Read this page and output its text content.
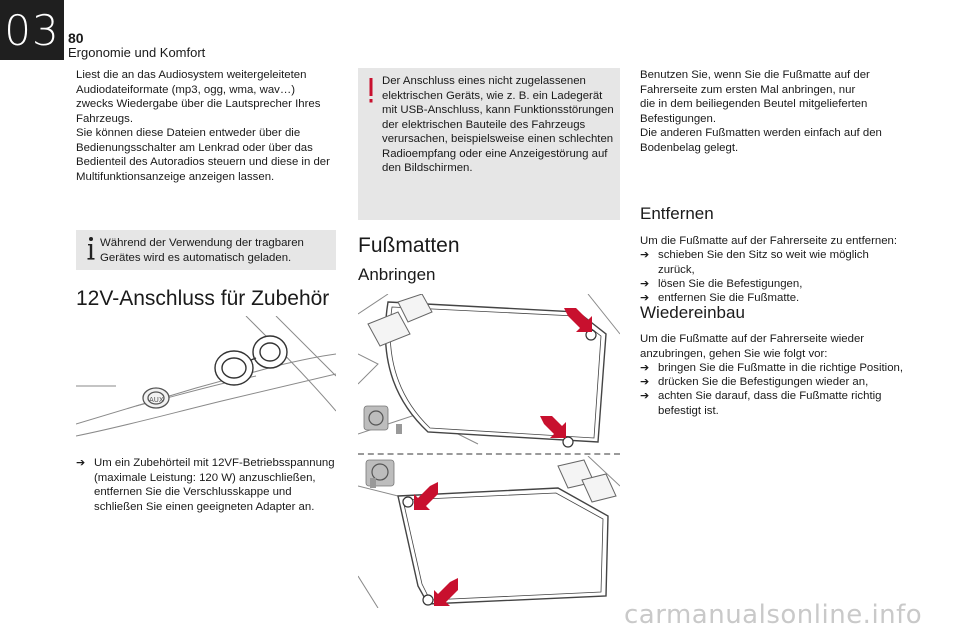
03 80
Ergonomie und Komfort
Liest die an das Audiosystem weitergeleiteten
Audiodateiformate (mp3, ogg, wma, wav…)
zwecks Wiedergabe über die Lautsprecher Ihres
Fahrzeugs.
Sie können diese Dateien entweder über die
Bedienungsschalter am Lenkrad oder über das
Bedienteil des Autoradios steuern und diese in der
Multifunktionsanzeige anzeigen lassen.
Während der Verwendung der tragbaren
Gerätes wird es automatisch geladen.
12V-Anschluss für Zubehör
AUX
➔ Um ein Zubehörteil mit 12VF-Betriebsspannung
(maximale Leistung: 120 W) anzuschließen,
entfernen Sie die Verschlusskappe und
schließen Sie einen geeigneten Adapter an.
Der Anschluss eines nicht zugelassenen
elektrischen Geräts, wie z. B. ein Ladegerät
mit USB-Anschluss, kann Funktionsstörungen
der elektrischen Bauteile des Fahrzeugs
verursachen, beispielsweise einen schlechten
Radioempfang oder eine Anzeigestörung auf
den Bildschirmen.
Fußmatten
Anbringen
Benutzen Sie, wenn Sie die Fußmatte auf der
Fahrerseite zum ersten Mal anbringen, nur
die in dem beiliegenden Beutel mitgelieferten
Befestigungen.
Die anderen Fußmatten werden einfach auf den
Bodenbelag gelegt.
Entfernen
Um die Fußmatte auf der Fahrerseite zu entfernen:
➔ schieben Sie den Sitz so weit wie möglich
zurück,
➔ lösen Sie die Befestigungen,
➔ entfernen Sie die Fußmatte.
Wiedereinbau
Um die Fußmatte auf der Fahrerseite wieder
anzubringen, gehen Sie wie folgt vor:
➔ bringen Sie die Fußmatte in die richtige Position,
➔ drücken Sie die Befestigungen wieder an,
➔ achten Sie darauf, dass die Fußmatte richtig
befestigt ist.
carmanualsonline.info
